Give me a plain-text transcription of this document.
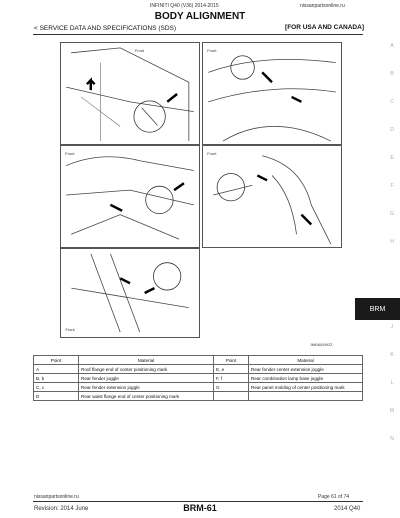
INFINITI Q40 (V36) 2014-2015	nissanpartsonline.ru
BODY ALIGNMENT
< SERVICE DATA AND SPECIFICATIONS (SDS)	[FOR USA AND CANADA]
Front	Front
Front	Front
Front
JMKIA0049ZZ
BRM
A
B
C
D
E
F
G
H
J
K
L
M
N
Point	Material	Point	Material
A	Roof flange end of center positioning mark	E, e	Rear fender center extension joggle
B, b	Rear fender joggle	F, f	Rear combination lamp base joggle
C, c	Rear fender extension joggle	G	Rear panel molding of center positioning mark
D	Rear waist flange end of center positioning mark		
nissanpartsonline.ru	Page 61 of 74
Revision: 2014 June	BRM-61	2014 Q40
